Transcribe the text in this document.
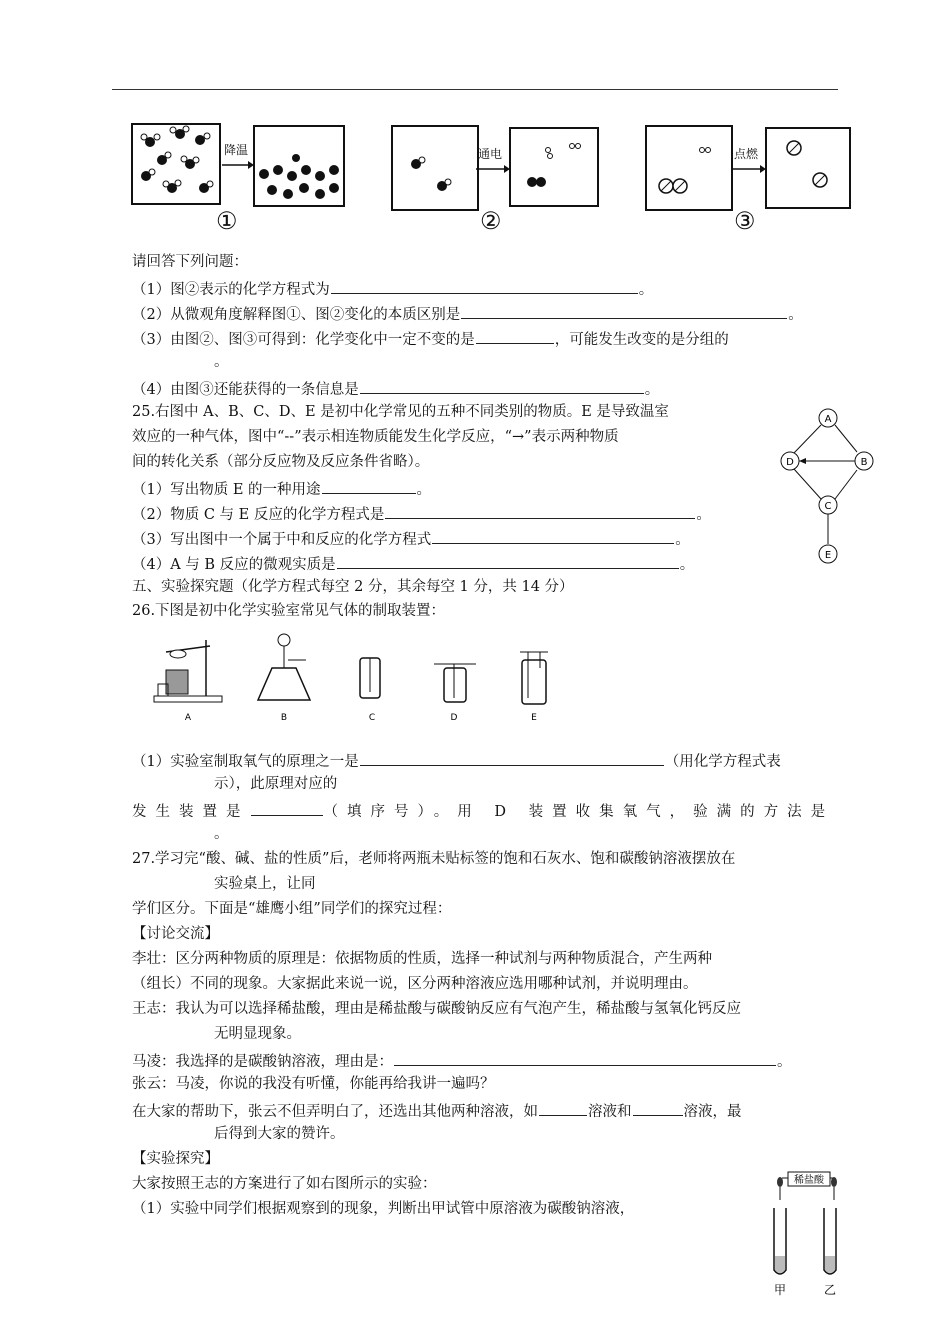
降温
①
通电
②
点燃
③
请回答下列问题：
（1）图②表示的化学方程式为	。
（2）从微观角度解释图①、图②变化的本质区别是	。
（3）由图②、图③可得到：化学变化中一定不变的是	，可能发生改变的是分组的
。
（4）由图③还能获得的一条信息是	。
25.右图中 A、B、C、D、E 是初中化学常见的五种不同类别的物质。E 是导致温室
效应的一种气体，图中“--”表示相连物质能发生化学反应，“→”表示两种物质
间的转化关系（部分反应物及反应条件省略）。
（1）写出物质 E 的一种用途	。
（2）物质 C 与 E 反应的化学方程式是	。
（3）写出图中一个属于中和反应的化学方程式	。
（4）A 与 B 反应的微观实质是	。
A
D	B
C
E
五、实验探究题（化学方程式每空 2 分，其余每空 1 分，共 14 分）
26.下图是初中化学实验室常见气体的制取装置：
A	B	C	D	E
（1）实验室制取氧气的原理之一是	（用化学方程式表
示），此原理对应的
发生装置是	（填序号）。用 D 装置收集氧气，验满的方法是
。
27.学习完“酸、碱、盐的性质”后，老师将两瓶未贴标签的饱和石灰水、饱和碳酸钠溶液摆放在
实验桌上，让同
学们区分。下面是“雄鹰小组”同学们的探究过程：
【讨论交流】
李壮：区分两种物质的原理是：依据物质的性质，选择一种试剂与两种物质混合，产生两种
（组长）不同的现象。大家据此来说一说，区分两种溶液应选用哪种试剂，并说明理由。
王志：我认为可以选择稀盐酸，理由是稀盐酸与碳酸钠反应有气泡产生，稀盐酸与氢氧化钙反应
无明显现象。
马凌：我选择的是碳酸钠溶液，理由是：	。
张云：马凌，你说的我没有听懂，你能再给我讲一遍吗？
在大家的帮助下，张云不但弄明白了，还选出其他两种溶液，如	溶液和	溶液，最
后得到大家的赞许。
【实验探究】
大家按照王志的方案进行了如右图所示的实验：
（1）实验中同学们根据观察到的现象，判断出甲试管中原溶液为碳酸钠溶液，
稀盐酸
甲	乙
